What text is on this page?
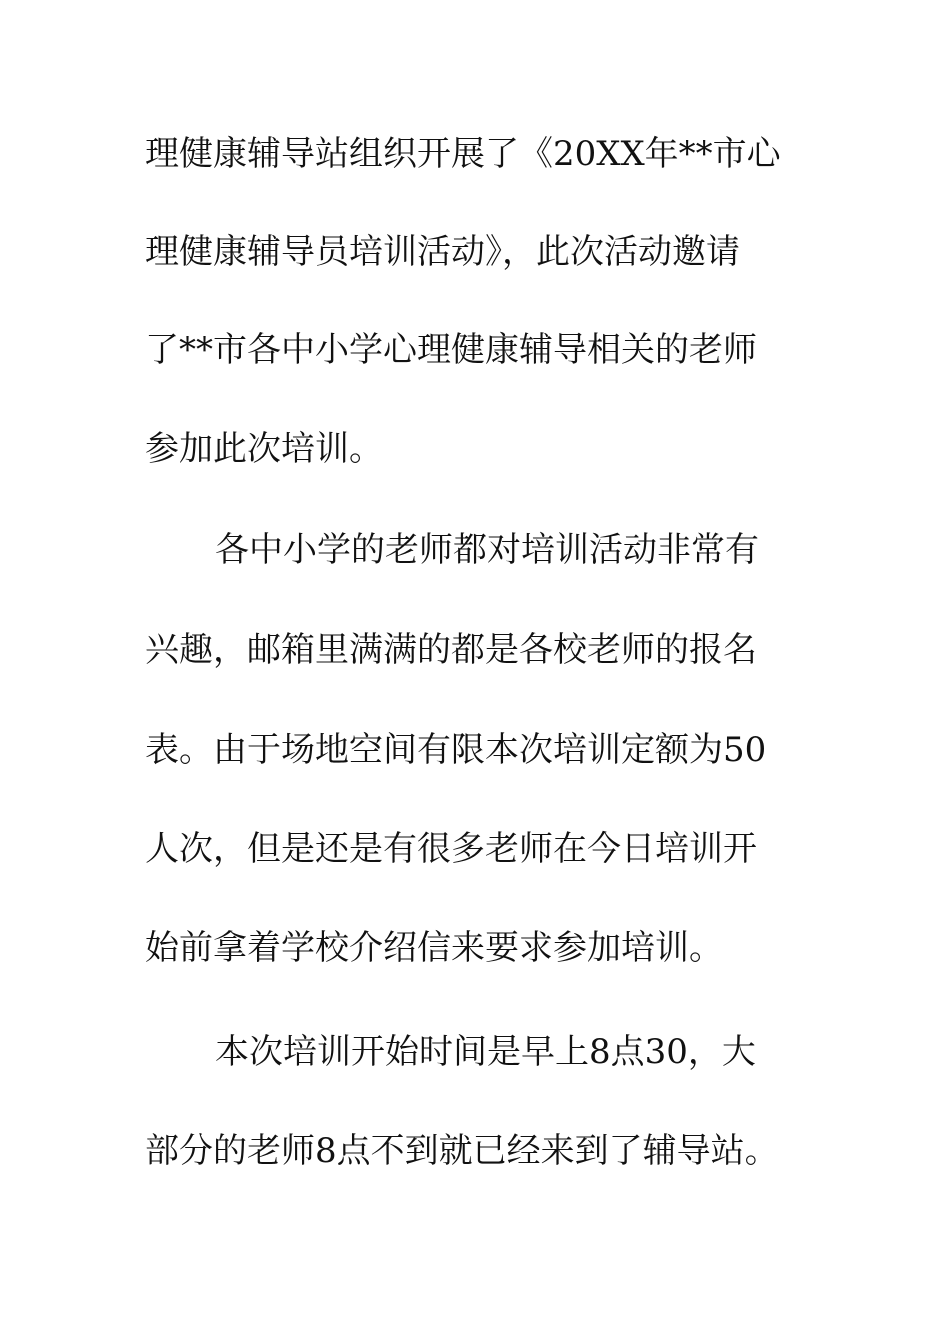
理健康辅导站组织开展了《20XX年**市心
理健康辅导员培训活动》，此次活动邀请
了**市各中小学心理健康辅导相关的老师
参加此次培训。
各中小学的老师都对培训活动非常有
兴趣，邮箱里满满的都是各校老师的报名
表。由于场地空间有限本次培训定额为50
人次，但是还是有很多老师在今日培训开
始前拿着学校介绍信来要求参加培训。
本次培训开始时间是早上8点30，大
部分的老师8点不到就已经来到了辅导站。
